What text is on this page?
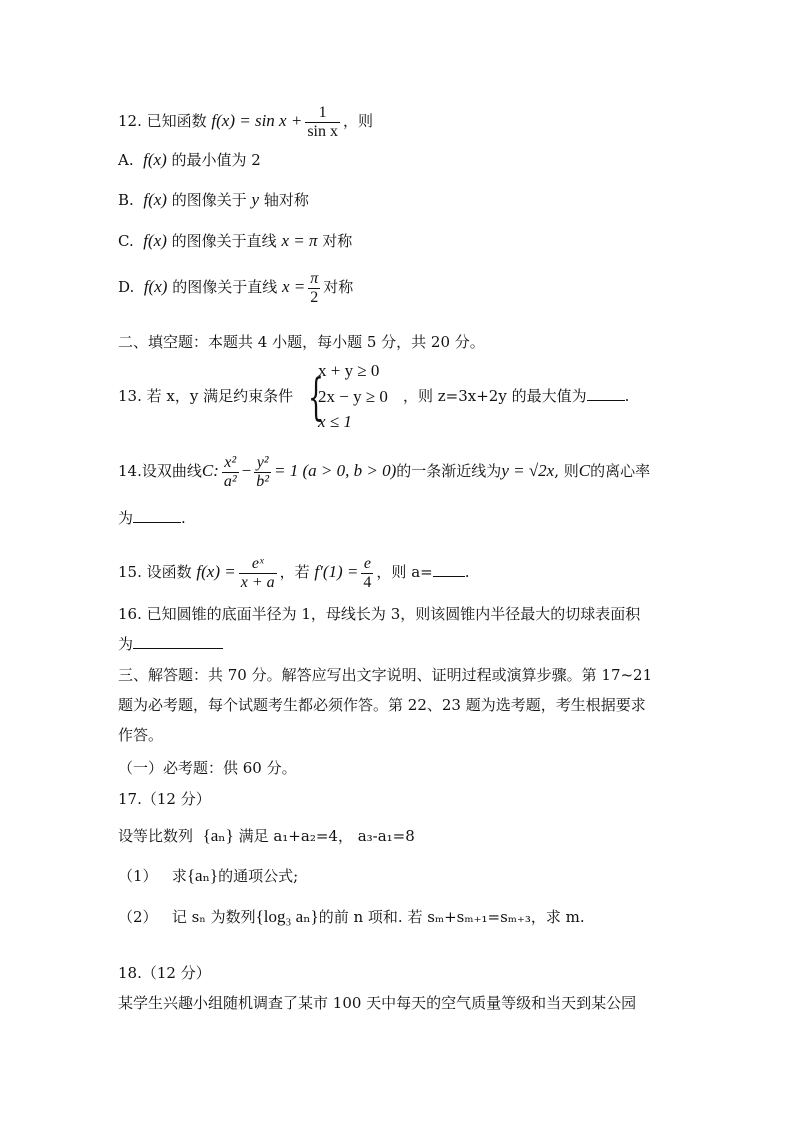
12. 已知函数 $f(x) = \sin x + \frac{1}{\text{sin x}}$ ，则
A. f(x) 的最小值为 2
B. f(x) 的图像关于 y 轴对称
C. f(x) 的图像关于直线 x = π 对称
D. f(x) 的图像关于直线 $x = \frac{\pi}{2}$ 对称
二、填空题：本题共 4 小题，每小题 5 分，共 20 分。
{
x + y ≥ 0
2x − y ≥ 0
x ≤ 1
13. 若 x，y 满足约束条件	，则 z=3x+2y 的最大值为	.
14.设双曲线C: $\frac{\text{x²}}{\text{a²}} - \frac{\text{y²}}{\text{b²}} = 1$ (a > 0, b > 0)的一条渐近线为y = √2x, 则C的离心率
为	.
15. 设函数 $f(x) = \frac{\text{eˣ}}{x + a}$ ，若 $f'(1) = \frac{e}{4}$ ，则 a= .
16. 已知圆锥的底面半径为 1，母线长为 3，则该圆锥内半径最大的切球表面积
为
三、解答题：共 70 分。解答应写出文字说明、证明过程或演算步骤。第 17~21
题为必考题，每个试题考生都必须作答。第 22、23 题为选考题，考生根据要求
作答。
（一）必考题：供 60 分。
17.（12 分）
设等比数列 {aₙ} 满足 a₁+a₂=4， a₃-a₁=8
（1） 求{aₙ}的通项公式;
（2） 记 sₙ 为数列{log₃ aₙ}的前 n 项和. 若 sₘ+sₘ₊₁=sₘ₊₃，求 m.
18.（12 分）
某学生兴趣小组随机调查了某市 100 天中每天的空气质量等级和当天到某公园
